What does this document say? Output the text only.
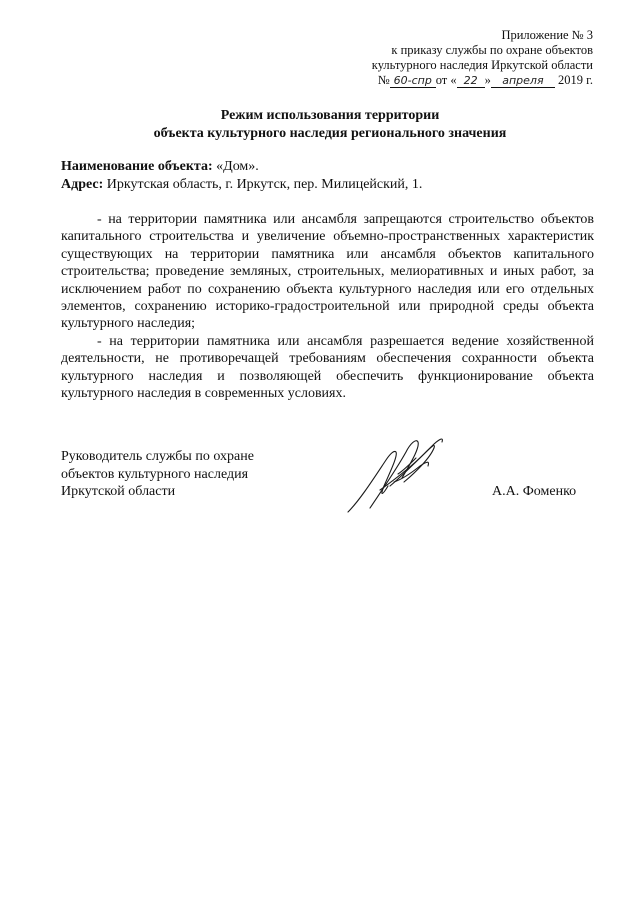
Приложение № 3
к приказу службы по охране объектов
культурного наследия Иркутской области
№ 60-спр от « 22 » апреля 2019 г.
Режим использования территории
объекта культурного наследия регионального значения
Наименование объекта: «Дом».
Адрес: Иркутская область, г. Иркутск, пер. Милицейский, 1.

- на территории памятника или ансамбля запрещаются строительство объектов капитального строительства и увеличение объемно-пространственных характеристик существующих на территории памятника или ансамбля объектов капитального строительства; проведение земляных, строительных, мелиоративных и иных работ, за исключением работ по сохранению объекта культурного наследия или его отдельных элементов, сохранению историко-градостроительной или природной среды объекта культурного наследия;

- на территории памятника или ансамбля разрешается ведение хозяйственной деятельности, не противоречащей требованиям обеспечения сохранности объекта культурного наследия и позволяющей обеспечить функционирование объекта культурного наследия в современных условиях.

Руководитель службы по охране
объектов культурного наследия
Иркутской области	А.А. Фоменко
